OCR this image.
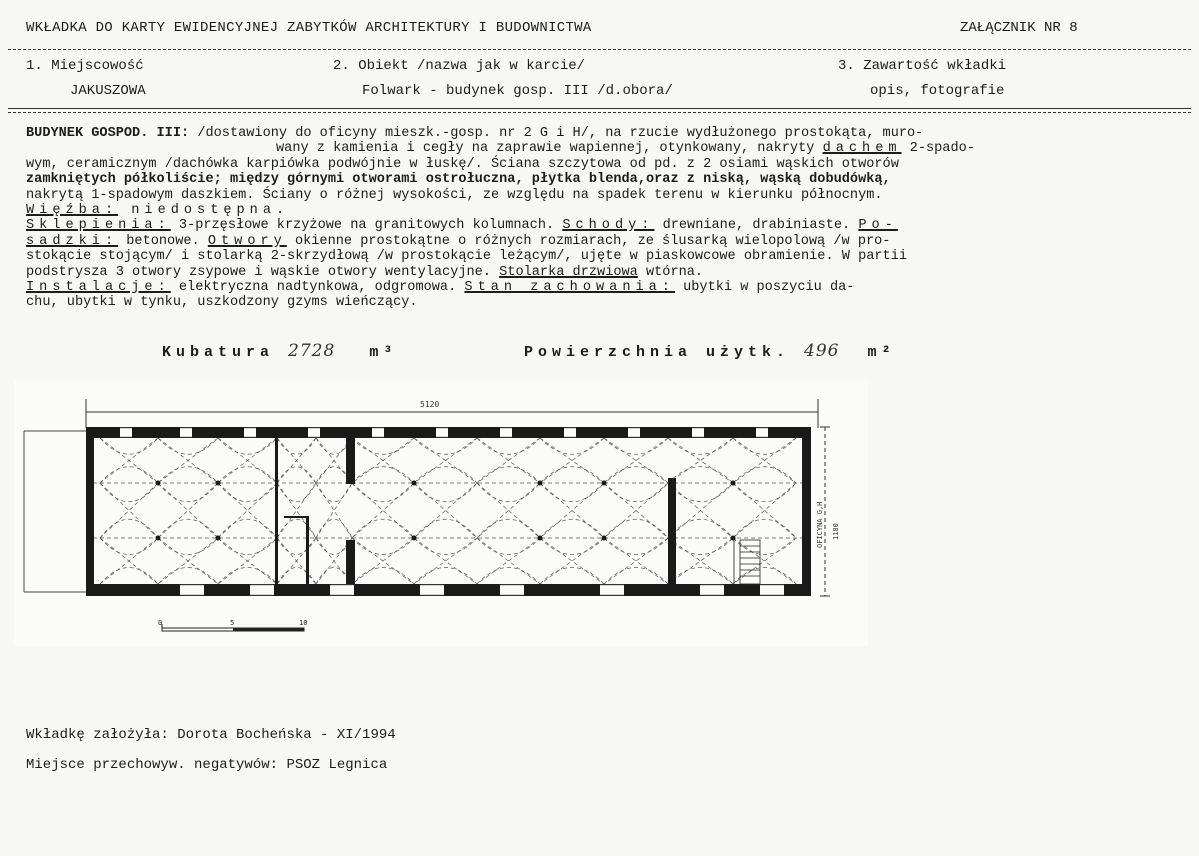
WKŁADKA DO KARTY EWIDENCYJNEJ ZABYTKÓW ARCHITEKTURY I BUDOWNICTWA	ZAŁĄCZNIK NR 8
1. Miejscowość
JAKUSZOWA
2. Obiekt /nazwa jak w karcie/
Folwark - budynek gosp. III /d.obora/
3. Zawartość wkładki
opis, fotografie

BUDYNEK GOSPOD. III: /dostawiony do oficyny mieszk.-gosp. nr 2 G i H/, na rzucie wydłużonego prostokąta, muro-

wany z kamienia i cegły na zaprawie wapiennej, otynkowany, nakryty dachem 2-spado-

wym, ceramicznym /dachówka karpiówka podwójnie w łuskę/. Ściana szczytowa od pd. z 2 osiami wąskich otworów

zamkniętych półkoliście; między górnymi otworami ostrołuczna, płytka blenda,oraz z niską, wąską dobudówką,

nakrytą 1-spadowym daszkiem. Ściany o różnej wysokości, ze względu na spadek terenu w kierunku północnym.

Więźba: niedostępna.

Sklepienia: 3-przęsłowe krzyżowe na granitowych kolumnach. Schody: drewniane, drabiniaste. Po-

sadzki: betonowe. Otwory okienne prostokątne o różnych rozmiarach, ze ślusarką wielopolową /w pro-

stokącie stojącym/ i stolarką 2-skrzydłową /w prostokącie leżącym/, ujęte w piaskowcowe obramienie. W partii

podstrysza 3 otwory zsypowe i wąskie otwory wentylacyjne. Stolarka drzwiowa wtórna.

Instalacje: elektryczna nadtynkowa, odgromowa. Stan zachowania: ubytki w poszyciu da-

chu, ubytki w tynku, uszkodzony gzyms wieńczący.

Kubatura 2728 m³	Powierzchnia użytk. 496 m²
5120
OFICYNA G,H 1180
0	5	10
Wkładkę założyła: Dorota Bocheńska - XI/1994
Miejsce przechowyw. negatywów: PSOZ Legnica
